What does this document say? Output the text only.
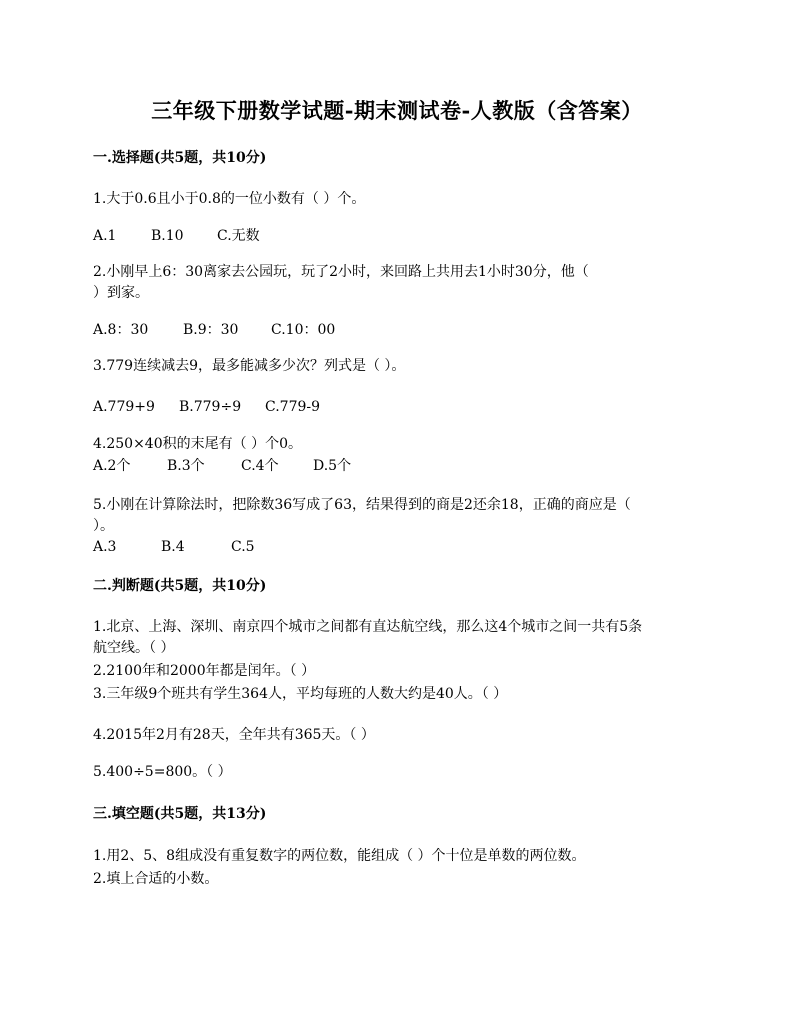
三年级下册数学试题-期末测试卷-人教版（含答案）
一.选择题(共5题，共10分)
1.大于0.6且小于0.8的一位小数有（ ）个。
A.1 B.10 C.无数
2.小刚早上6：30离家去公园玩，玩了2小时，来回路上共用去1小时30分，他（
）到家。
A.8：30 B.9：30 C.10：00
3.779连续减去9，最多能减多少次？列式是（ ）。
A.779+9 B.779÷9 C.779-9
4.250×40积的末尾有（ ）个0。
A.2个	B.3个	C.4个 D.5个
5.小刚在计算除法时，把除数36写成了63，结果得到的商是2还余18，正确的商应是（
）。
A.3	B.4	C.5
二.判断题(共5题，共10分)
1.北京、上海、深圳、南京四个城市之间都有直达航空线，那么这4个城市之间一共有5条
航空线。（ ）
2.2100年和2000年都是闰年。（ ）
3.三年级9个班共有学生364人，平均每班的人数大约是40人。（ ）
4.2015年2月有28天，全年共有365天。（ ）
5.400÷5=800。（ ）
三.填空题(共5题，共13分)
1.用2、5、8组成没有重复数字的两位数，能组成（ ）个十位是单数的两位数。
2.填上合适的小数。
